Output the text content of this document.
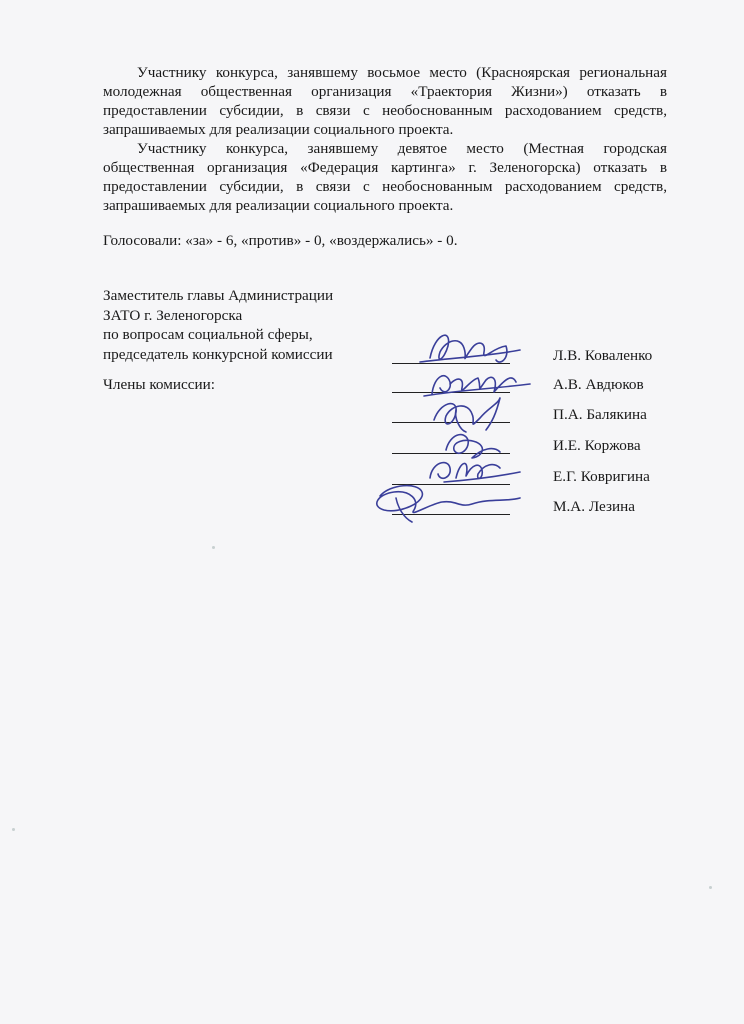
Участнику конкурса, занявшему восьмое место (Красноярская региональная молодежная общественная организация «Траектория Жизни») отказать в предоставлении субсидии, в связи с необоснованным расходованием средств, запрашиваемых для реализации социального проекта.

Участнику конкурса, занявшему девятое место (Местная городская общественная организация «Федерация картинга» г. Зеленогорска) отказать в предоставлении субсидии, в связи с необоснованным расходованием средств, запрашиваемых для реализации социального проекта.

Голосовали: «за» - 6, «против» - 0, «воздержались» - 0.

Заместитель главы Администрации
ЗАТО г. Зеленогорска
по вопросам социальной сферы,
председатель конкурсной комиссии
Члены комиссии:
Л.В. Коваленко
А.В. Авдюков
П.А. Балякина
И.Е. Коржова
Е.Г. Ковригина
М.А. Лезина
